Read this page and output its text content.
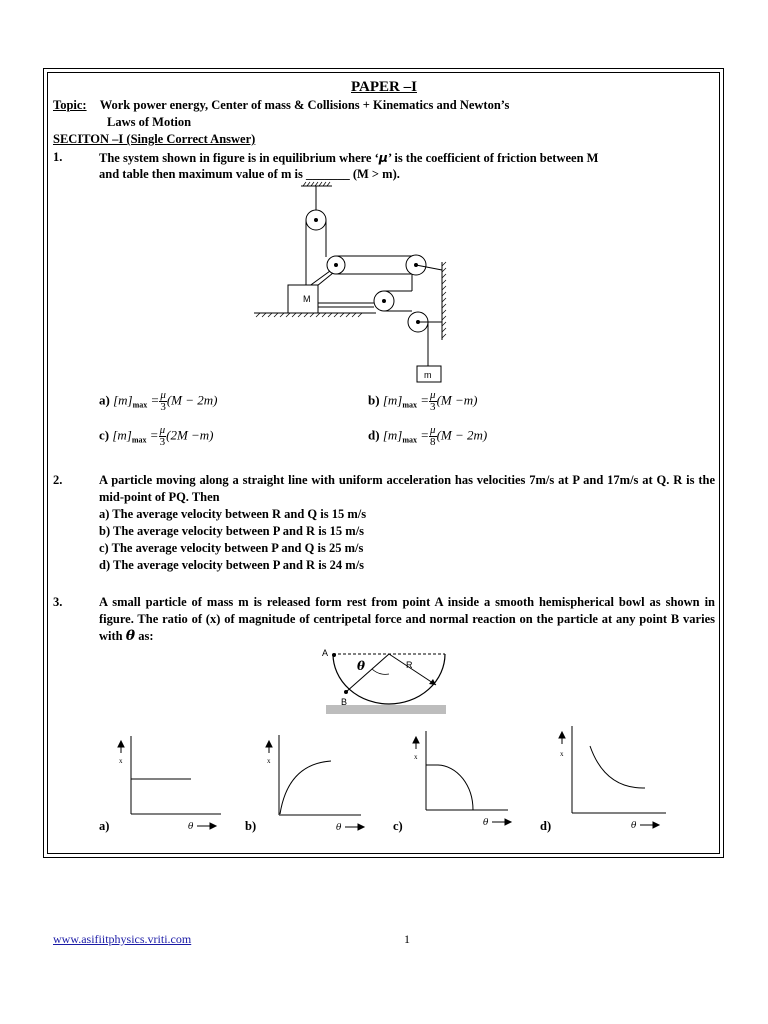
PAPER –I
Topic: Work power energy, Center of mass & Collisions + Kinematics and Newton’s
Laws of Motion
SECITON –I (Single Correct Answer)
1.	The system shown in figure is in equilibrium where ‘μ’ is the coefficient of friction between M
and table then maximum value of m is _______ (M > m).
M
m
a) $[m]_{max} = \frac{\mu}{3} (M - 2m)$	b) $[m]_{max} = \frac{\mu}{3} (M -m)$
c) $[m]_{max} = \frac{\mu}{3} (2M -m)$	d) $[m]_{max} = \frac{\mu}{8} (M - 2m)$
2.	A particle moving along a straight line with uniform acceleration has velocities 7m/s at P and 17m/s at Q. R is the mid-point of PQ. Then
a) The average velocity between R and Q is 15 m/s
b) The average velocity between P and R is 15 m/s
c) The average velocity between P and Q is 25 m/s
d) The average velocity between P and R is 24 m/s
3.	A small particle of mass m is released form rest from point A inside a smooth hemispherical bowl as shown in figure. The ratio of (x) of magnitude of centripetal force and normal reaction on the particle at any point B varies with θ as:
A
B
θ	R
x	x	x	x
θ	θ	θ	θ
a)	b)	c)	d)
www.asifiitphysics.vriti.com	1
